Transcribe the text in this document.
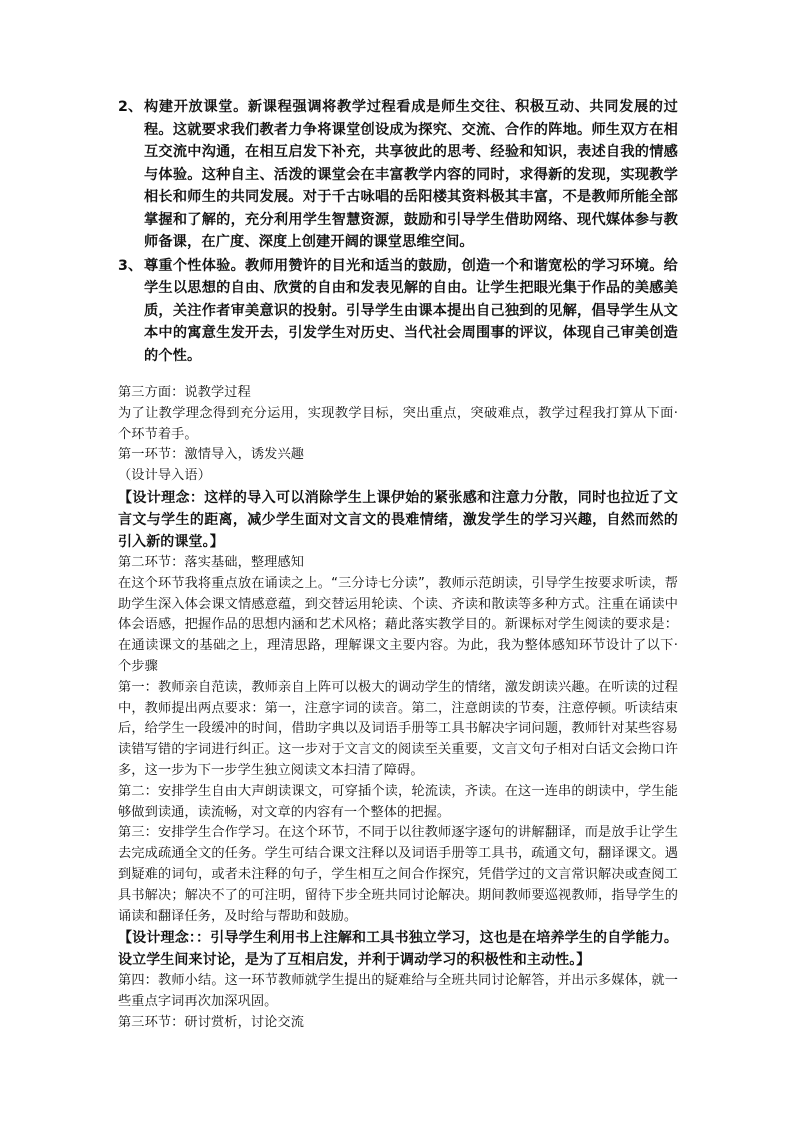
2、 构建开放课堂。新课程强调将教学过程看成是师生交往、积极互动、共同发展的过程。这就要求我们教者力争将课堂创设成为探究、交流、合作的阵地。师生双方在相互交流中沟通，在相互启发下补充，共享彼此的思考、经验和知识，表述自我的情感与体验。这种自主、活泼的课堂会在丰富教学内容的同时，求得新的发现，实现教学相长和师生的共同发展。对于千古咏唱的岳阳楼其资料极其丰富，不是教师所能全部掌握和了解的，充分利用学生智慧资源，鼓励和引导学生借助网络、现代媒体参与教师备课，在广度、深度上创建开阔的课堂思维空间。
3、 尊重个性体验。教师用赞许的目光和适当的鼓励，创造一个和谐宽松的学习环境。给学生以思想的自由、欣赏的自由和发表见解的自由。让学生把眼光集于作品的美感美质，关注作者审美意识的投射。引导学生由课本提出自己独到的见解，倡导学生从文本中的寓意生发开去，引发学生对历史、当代社会周围事的评议，体现自己审美创造的个性。

第三方面：说教学过程

为了让教学理念得到充分运用，实现教学目标，突出重点，突破难点，教学过程我打算从下面·个环节着手。

第一环节：激情导入，诱发兴趣

（设计导入语）

【设计理念：这样的导入可以消除学生上课伊始的紧张感和注意力分散，同时也拉近了文言文与学生的距离，减少学生面对文言文的畏难情绪，激发学生的学习兴趣，自然而然的引入新的课堂。】

第二环节：落实基础，整理感知

在这个环节我将重点放在诵读之上。“三分诗七分读”，教师示范朗读，引导学生按要求听读，帮助学生深入体会课文情感意蕴，到交替运用轮读、个读、齐读和散读等多种方式。注重在诵读中体会语感，把握作品的思想内涵和艺术风格；藉此落实教学目的。新课标对学生阅读的要求是：在通读课文的基础之上，理清思路，理解课文主要内容。为此，我为整体感知环节设计了以下·个步骤

第一：教师亲自范读，教师亲自上阵可以极大的调动学生的情绪，激发朗读兴趣。在听读的过程中，教师提出两点要求：第一，注意字词的读音。第二，注意朗读的节奏，注意停顿。听读结束后，给学生一段缓冲的时间，借助字典以及词语手册等工具书解决字词问题，教师针对某些容易读错写错的字词进行纠正。这一步对于文言文的阅读至关重要，文言文句子相对白话文会拗口许多，这一步为下一步学生独立阅读文本扫清了障碍。

第二：安排学生自由大声朗读课文，可穿插个读，轮流读，齐读。在这一连串的朗读中，学生能够做到读通，读流畅，对文章的内容有一个整体的把握。

第三：安排学生合作学习。在这个环节，不同于以往教师逐字逐句的讲解翻译，而是放手让学生去完成疏通全文的任务。学生可结合课文注释以及词语手册等工具书，疏通文句，翻译课文。遇到疑难的词句，或者未注释的句子，学生相互之间合作探究，凭借学过的文言常识解决或查阅工具书解决；解决不了的可注明，留待下步全班共同讨论解决。期间教师要巡视教师，指导学生的诵读和翻译任务，及时给与帮助和鼓励。

【设计理念：：引导学生利用书上注解和工具书独立学习，这也是在培养学生的自学能力。设立学生间来讨论，是为了互相启发，并利于调动学习的积极性和主动性。】

第四：教师小结。这一环节教师就学生提出的疑难给与全班共同讨论解答，并出示多媒体，就一些重点字词再次加深巩固。

第三环节：研讨赏析，讨论交流
